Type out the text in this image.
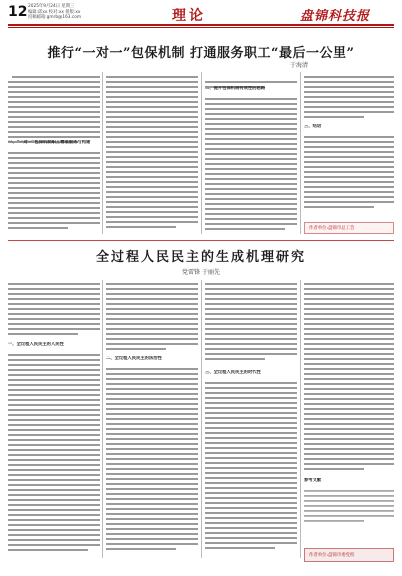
12 2025年9月24日 星期三
编辑:邱xx 校对:xx 排版:xx
投稿邮箱:gmrb@163.com	理论	盘锦科技报
推行“一对一”包保机制 打通服务职工“最后一公里”
于海清
一、“一对一”包保机制职工精准服务与构建
二、提升包保机制有效性的思路
三、结语
作者单位:盘锦市总工会
全过程人民民主的生成机理研究
党雷锋 于丽先
一、全过程人民民主的人民性
二、全过程人民民主的法治性
三、全过程人民民主的时代性
参考文献
作者单位:盘锦市委党校
